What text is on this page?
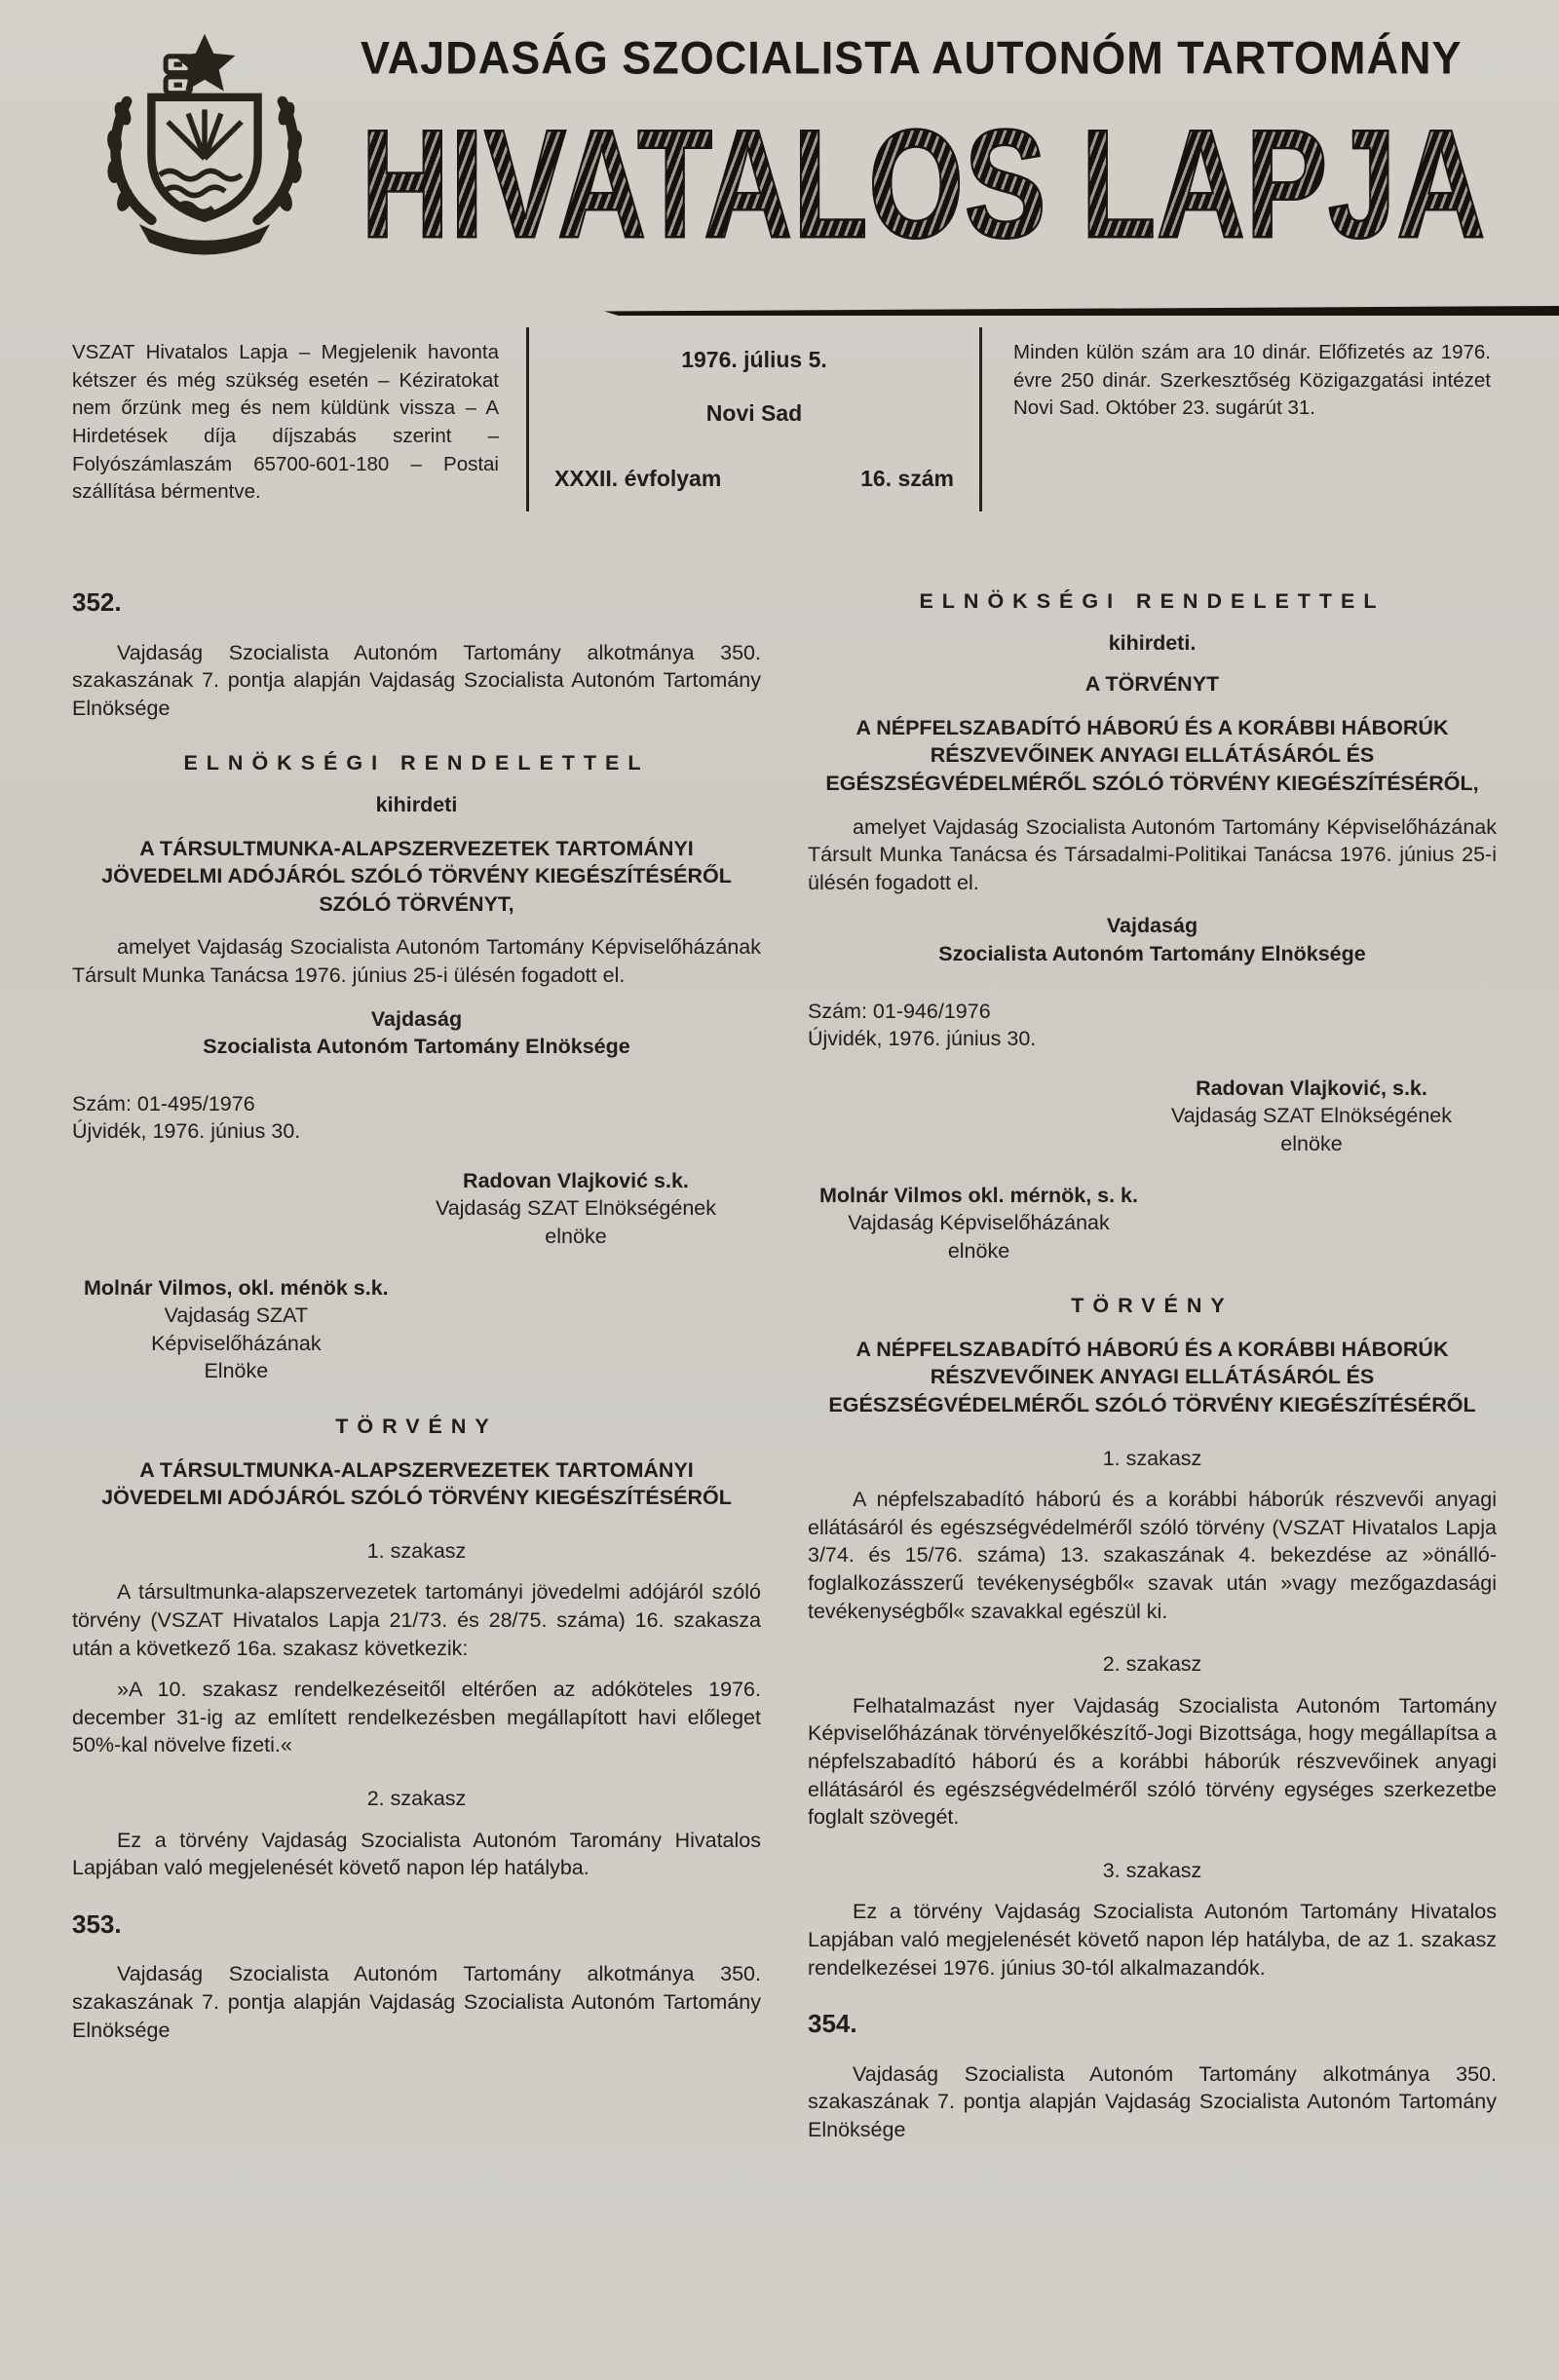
VAJDASÁG SZOCIALISTA AUTONÓM TARTOMÁNY
HIVATALOS LAPJA
VSZAT Hivatalos Lapja – Megjelenik havonta kétszer és még szükség esetén – Kéziratokat nem őrzünk meg és nem küldünk vissza – A Hirdetések díja díjszabás szerint – Folyószámlaszám 65700-601-180 – Postai szállítása bérmentve.
1976. július 5.
Novi Sad
XXXII. évfolyam	16. szám
Minden külön szám ara 10 dinár. Előfizetés az 1976. évre 250 dinár. Szerkesztőség Közigazgatási intézet Novi Sad. Október 23. sugárút 31.
352.
Vajdaság Szocialista Autonóm Tartomány alkotmánya 350. szakaszának 7. pontja alapján Vajdaság Szocialista Autonóm Tartomány Elnöksége
ELNÖKSÉGI RENDELETTEL
kihirdeti
A TÁRSULTMUNKA-ALAPSZERVEZETEK TARTOMÁNYI JÖVEDELMI ADÓJÁRÓL SZÓLÓ TÖRVÉNY KIEGÉSZÍTÉSÉRŐL SZÓLÓ TÖRVÉNYT,
amelyet Vajdaság Szocialista Autonóm Tartomány Képviselőházának Társult Munka Tanácsa 1976. június 25-i ülésén fogadott el.
Vajdaság
Szocialista Autonóm Tartomány Elnöksége
Szám: 01-495/1976
Újvidék, 1976. június 30.
Radovan Vlajković s.k.
Vajdaság SZAT Elnökségének
elnöke
Molnár Vilmos, okl. ménök s.k.
Vajdaság SZAT
Képviselőházának
Elnöke
TÖRVÉNY
A TÁRSULTMUNKA-ALAPSZERVEZETEK TARTOMÁNYI JÖVEDELMI ADÓJÁRÓL SZÓLÓ TÖRVÉNY KIEGÉSZÍTÉSÉRŐL
1. szakasz
A társultmunka-alapszervezetek tartományi jövedelmi adójáról szóló törvény (VSZAT Hivatalos Lapja 21/73. és 28/75. száma) 16. szakasza után a következő 16a. szakasz következik:
»A 10. szakasz rendelkezéseitől eltérően az adóköteles 1976. december 31-ig az említett rendelkezésben megállapított havi előleget 50%-kal növelve fizeti.«
2. szakasz
Ez a törvény Vajdaság Szocialista Autonóm Taromány Hivatalos Lapjában való megjelenését követő napon lép hatályba.
353.
Vajdaság Szocialista Autonóm Tartomány alkotmánya 350. szakaszának 7. pontja alapján Vajdaság Szocialista Autonóm Tartomány Elnöksége
ELNÖKSÉGI RENDELETTEL
kihirdeti.
A TÖRVÉNYT
A NÉPFELSZABADÍTÓ HÁBORÚ ÉS A KORÁBBI HÁBORÚK RÉSZVEVŐINEK ANYAGI ELLÁTÁSÁRÓL ÉS EGÉSZSÉGVÉDELMÉRŐL SZÓLÓ TÖRVÉNY KIEGÉSZÍTÉSÉRŐL,
amelyet Vajdaság Szocialista Autonóm Tartomány Képviselőházának Társult Munka Tanácsa és Társadalmi-Politikai Tanácsa 1976. június 25-i ülésén fogadott el.
Vajdaság
Szocialista Autonóm Tartomány Elnöksége
Szám: 01-946/1976
Újvidék, 1976. június 30.
Radovan Vlajković, s.k.
Vajdaság SZAT Elnökségének
elnöke
Molnár Vilmos okl. mérnök, s. k.
Vajdaság Képviselőházának
elnöke
TÖRVÉNY
A NÉPFELSZABADÍTÓ HÁBORÚ ÉS A KORÁBBI HÁBORÚK RÉSZVEVŐINEK ANYAGI ELLÁTÁSÁRÓL ÉS EGÉSZSÉGVÉDELMÉRŐL SZÓLÓ TÖRVÉNY KIEGÉSZÍTÉSÉRŐL
1. szakasz
A népfelszabadító háború és a korábbi háborúk részvevői anyagi ellátásáról és egészségvédelméről szóló törvény (VSZAT Hivatalos Lapja 3/74. és 15/76. száma) 13. szakaszának 4. bekezdése az »önálló-foglalkozásszerű tevékenységből« szavak után »vagy mezőgazdasági tevékenységből« szavakkal egészül ki.
2. szakasz
Felhatalmazást nyer Vajdaság Szocialista Autonóm Tartomány Képviselőházának törvényelőkészítő-Jogi Bizottsága, hogy megállapítsa a népfelszabadító háború és a korábbi háborúk részvevőinek anyagi ellátásáról és egészségvédelméről szóló törvény egységes szerkezetbe foglalt szövegét.
3. szakasz
Ez a törvény Vajdaság Szocialista Autonóm Tartomány Hivatalos Lapjában való megjelenését követő napon lép hatályba, de az 1. szakasz rendelkezései 1976. június 30-tól alkalmazandók.
354.
Vajdaság Szocialista Autonóm Tartomány alkotmánya 350. szakaszának 7. pontja alapján Vajdaság Szocialista Autonóm Tartomány Elnöksége
